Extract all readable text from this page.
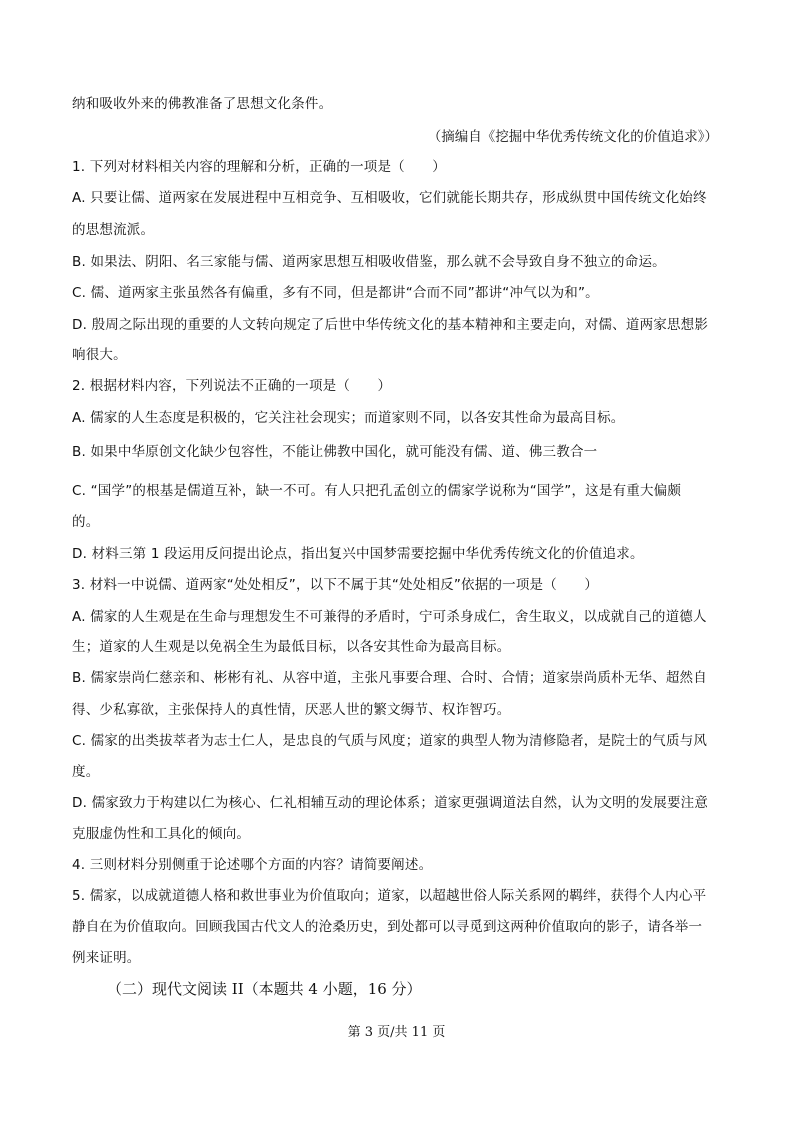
纳和吸收外来的佛教准备了思想文化条件。
（摘编自《挖掘中华优秀传统文化的价值追求》）
1. 下列对材料相关内容的理解和分析，正确的一项是（　　）
A. 只要让儒、道两家在发展进程中互相竞争、互相吸收，它们就能长期共存，形成纵贯中国传统文化始终
的思想流派。
B. 如果法、阴阳、名三家能与儒、道两家思想互相吸收借鉴，那么就不会导致自身不独立的命运。
C. 儒、道两家主张虽然各有偏重，多有不同，但是都讲“合而不同”都讲“冲气以为和”。
D. 殷周之际出现的重要的人文转向规定了后世中华传统文化的基本精神和主要走向，对儒、道两家思想影
响很大。
2. 根据材料内容，下列说法不正确的一项是（　　）
A. 儒家的人生态度是积极的，它关注社会现实；而道家则不同，以各安其性命为最高目标。
B. 如果中华原创文化缺少包容性，不能让佛教中国化，就可能没有儒、道、佛三教合一
C. “国学”的根基是儒道互补，缺一不可。有人只把孔孟创立的儒家学说称为“国学”，这是有重大偏颇
的。
D. 材料三第 1 段运用反问提出论点，指出复兴中国梦需要挖掘中华优秀传统文化的价值追求。
3. 材料一中说儒、道两家“处处相反”，以下不属于其“处处相反”依据的一项是（　　）
A. 儒家的人生观是在生命与理想发生不可兼得的矛盾时，宁可杀身成仁，舍生取义，以成就自己的道德人
生；道家的人生观是以免祸全生为最低目标，以各安其性命为最高目标。
B. 儒家崇尚仁慈亲和、彬彬有礼、从容中道，主张凡事要合理、合时、合情；道家崇尚质朴无华、超然自
得、少私寡欲，主张保持人的真性情，厌恶人世的繁文缛节、权诈智巧。
C. 儒家的出类拔萃者为志士仁人，是忠良的气质与风度；道家的典型人物为清修隐者，是院士的气质与风
度。
D. 儒家致力于构建以仁为核心、仁礼相辅互动的理论体系；道家更强调道法自然，认为文明的发展要注意
克服虚伪性和工具化的倾向。
4. 三则材料分别侧重于论述哪个方面的内容？请简要阐述。
5. 儒家，以成就道德人格和救世事业为价值取向；道家，以超越世俗人际关系网的羁绊，获得个人内心平
静自在为价值取向。回顾我国古代文人的沧桑历史，到处都可以寻觅到这两种价值取向的影子，请各举一
例来证明。
（二）现代文阅读 II（本题共 4 小题，16 分）
第 3 页/共 11 页
